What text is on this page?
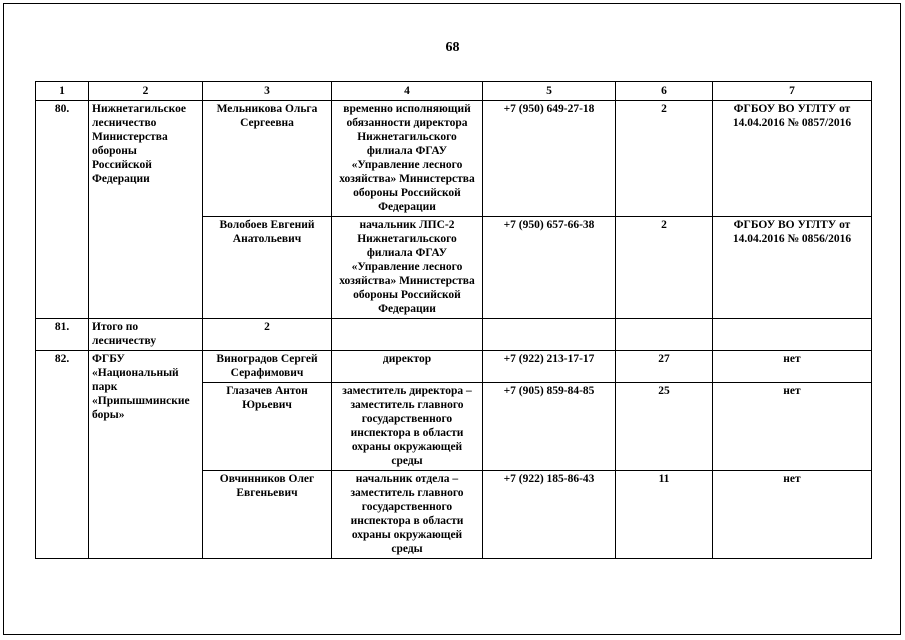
68
1	2	3	4	5	6	7
80.	Нижнетагильское лесничество Министерства обороны Российской Федерации	Мельникова Ольга Сергеевна	временно исполняющий обязанности директора Нижнетагильского филиала ФГАУ «Управление лесного хозяйства» Министерства обороны Российской Федерации	+7 (950) 649-27-18	2	ФГБОУ ВО УГЛТУ от 14.04.2016 № 0857/2016
		Волобоев Евгений Анатольевич	начальник ЛПС-2 Нижнетагильского филиала ФГАУ «Управление лесного хозяйства» Министерства обороны Российской Федерации	+7 (950) 657-66-38	2	ФГБОУ ВО УГЛТУ от 14.04.2016 № 0856/2016
81.	Итого по лесничеству	2				
82.	ФГБУ «Национальный парк «Припышминские боры»	Виноградов Сергей Серафимович	директор	+7 (922) 213-17-17	27	нет
		Глазачев Антон Юрьевич	заместитель директора – заместитель главного государственного инспектора в области охраны окружающей среды	+7 (905) 859-84-85	25	нет
		Овчинников Олег Евгеньевич	начальник отдела – заместитель главного государственного инспектора в области охраны окружающей среды	+7 (922) 185-86-43	11	нет
